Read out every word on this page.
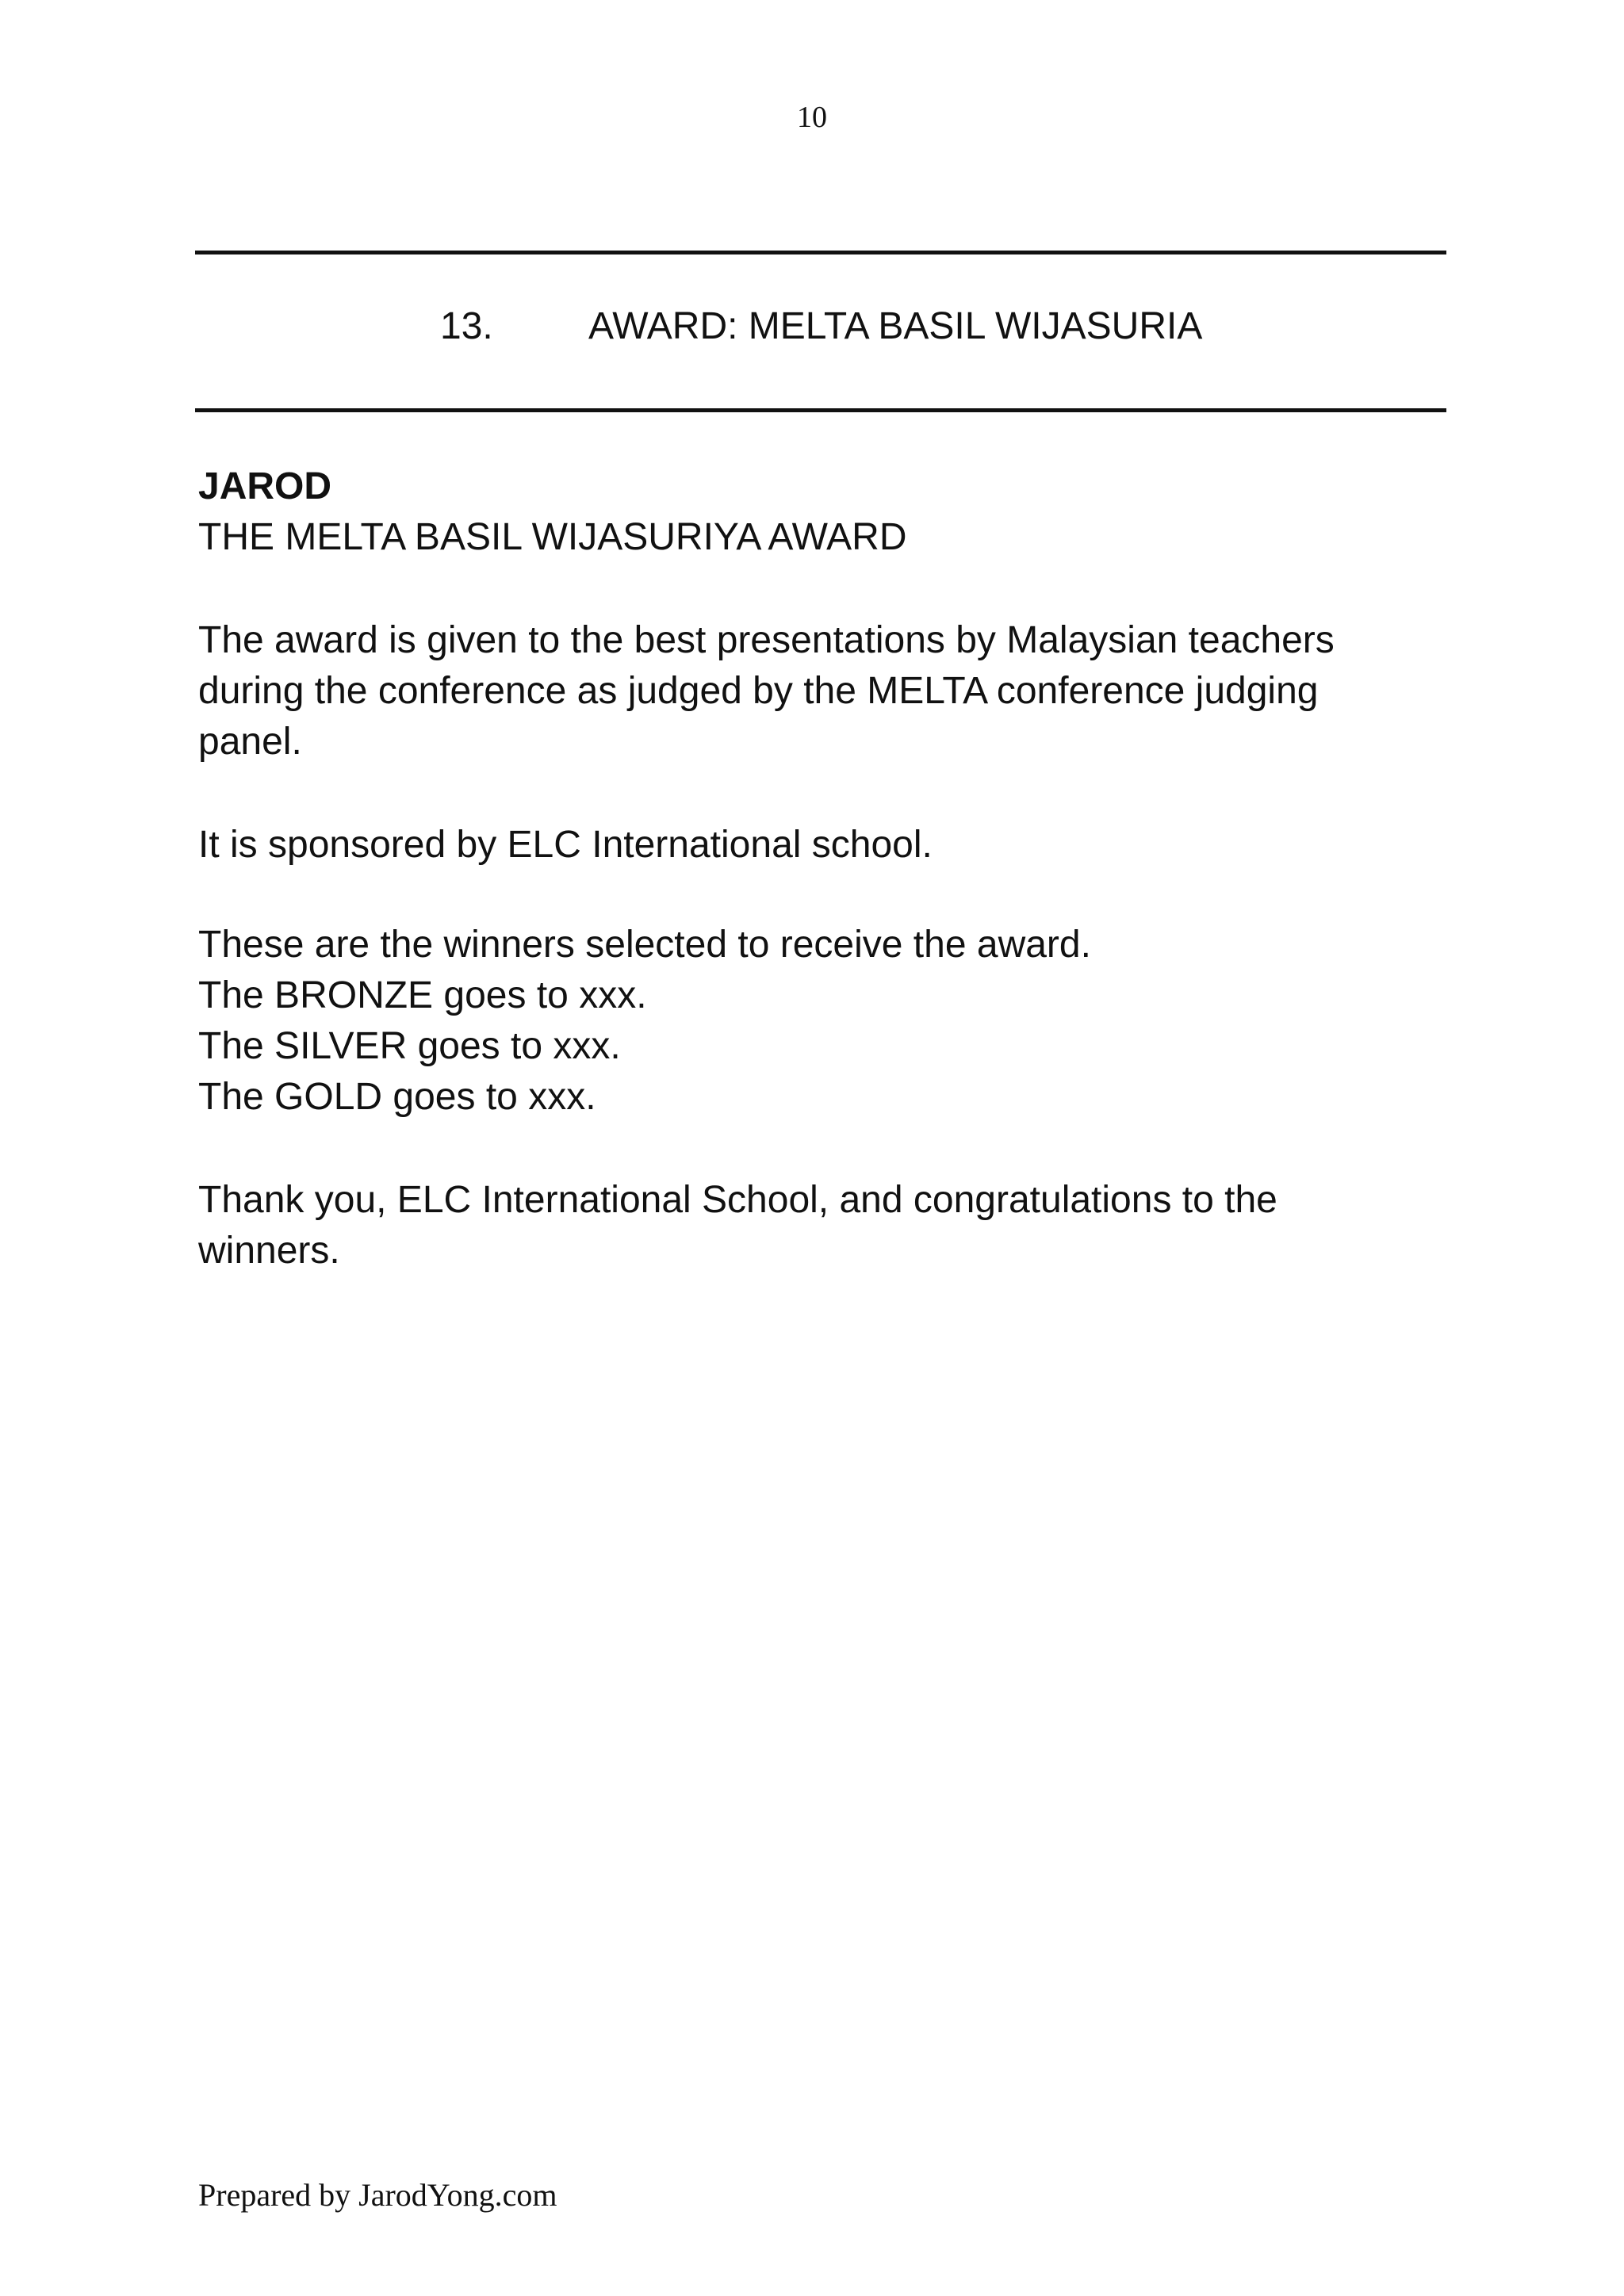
10
13.	AWARD: MELTA BASIL WIJASURIA

JAROD

THE MELTA BASIL WIJASURIYA AWARD

The award is given to the best presentations by Malaysian teachers during the conference as judged by the MELTA conference judging panel.

It is sponsored by ELC International school.

These are the winners selected to receive the award.
The BRONZE goes to xxx.
The SILVER goes to xxx.
The GOLD goes to xxx.

Thank you, ELC International School, and congratulations to the winners.

Prepared by JarodYong.com
